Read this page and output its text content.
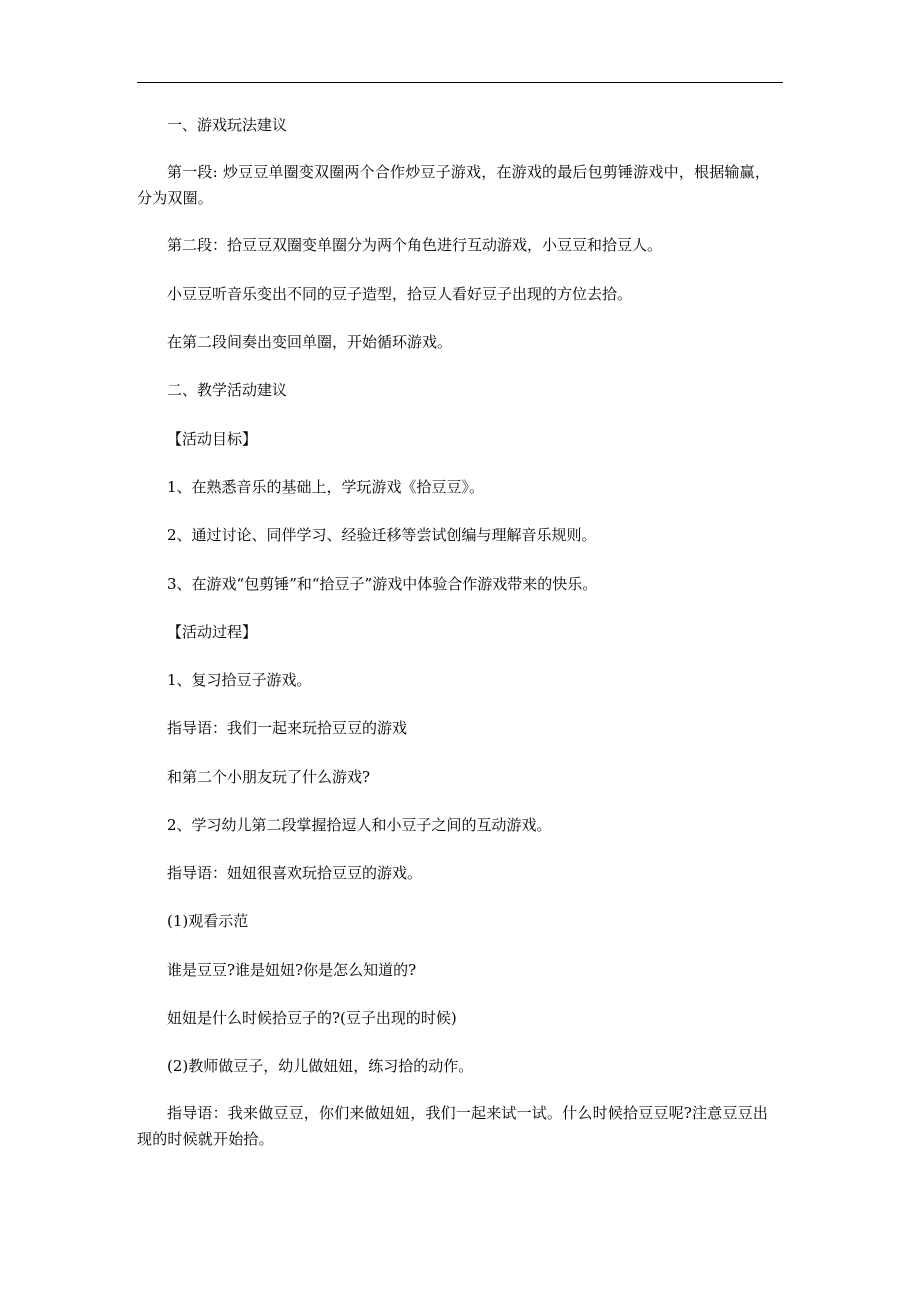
一、游戏玩法建议

第一段: 炒豆豆单圈变双圈两个合作炒豆子游戏，在游戏的最后包剪锤游戏中，根据输赢，分为双圈。

第二段：拾豆豆双圈变单圈分为两个角色进行互动游戏，小豆豆和拾豆人。

小豆豆听音乐变出不同的豆子造型，拾豆人看好豆子出现的方位去拾。

在第二段间奏出变回单圈，开始循环游戏。

二、教学活动建议

【活动目标】

1、在熟悉音乐的基础上，学玩游戏《拾豆豆》。

2、通过讨论、同伴学习、经验迁移等尝试创编与理解音乐规则。

3、在游戏“包剪锤”和“拾豆子”游戏中体验合作游戏带来的快乐。

【活动过程】

1、复习拾豆子游戏。

指导语：我们一起来玩拾豆豆的游戏

和第二个小朋友玩了什么游戏?

2、学习幼儿第二段掌握拾逗人和小豆子之间的互动游戏。

指导语：妞妞很喜欢玩拾豆豆的游戏。

(1)观看示范

谁是豆豆?谁是妞妞?你是怎么知道的?

妞妞是什么时候拾豆子的?(豆子出现的时候)

(2)教师做豆子，幼儿做妞妞，练习拾的动作。

指导语：我来做豆豆，你们来做妞妞，我们一起来试一试。什么时候拾豆豆呢?注意豆豆出现的时候就开始拾。
